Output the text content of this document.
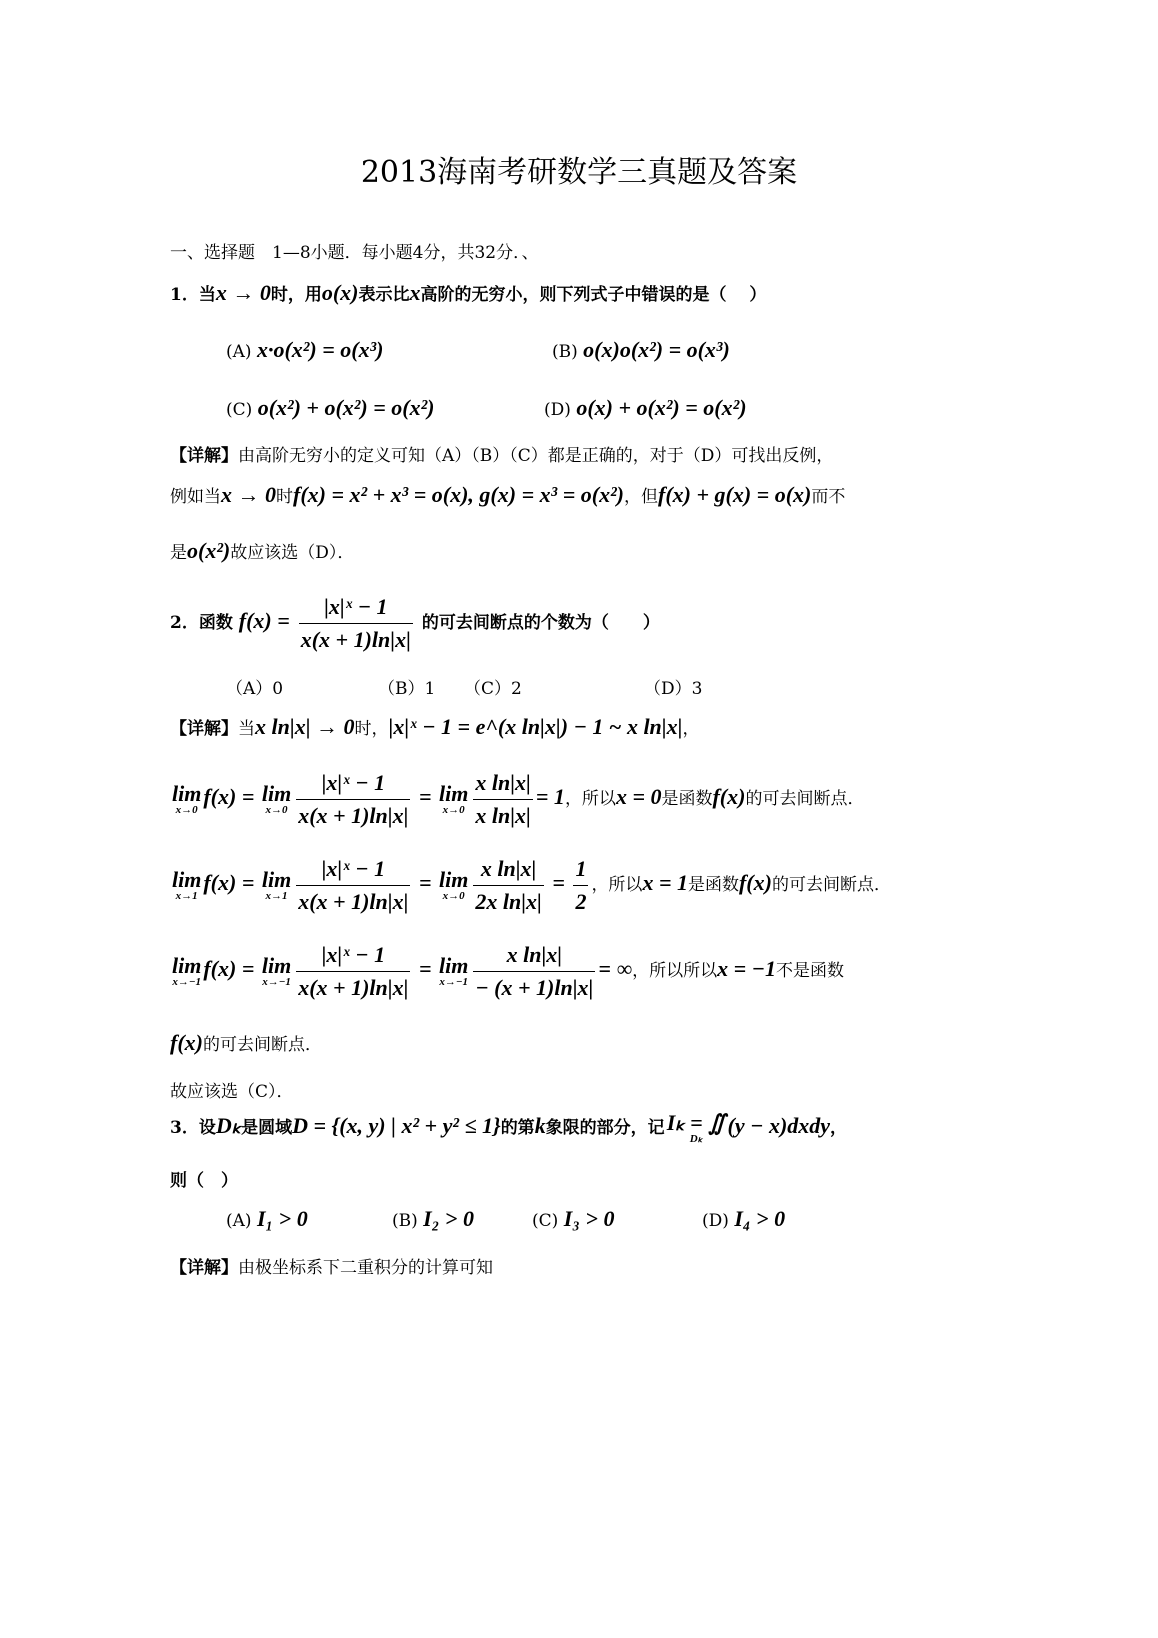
2013海南考研数学三真题及答案
一、选择题　1—8小题．每小题4分，共32分．、
1．当x → 0时，用o(x)表示比x高阶的无穷小，则下列式子中错误的是（　 ）
(A) x·o(x²) = o(x³)	(B) o(x)o(x²) = o(x³)
(C) o(x²) + o(x²) = o(x²)	(D) o(x) + o(x²) = o(x²)
【详解】由高阶无穷小的定义可知（A）（B）（C）都是正确的，对于（D）可找出反例，
例如当x → 0时f(x) = x² + x³ = o(x), g(x) = x³ = o(x²)，但f(x) + g(x) = o(x)而不
是o(x²)故应该选（D）．
2．函数 $f(x) = \frac{\text{|x|ˣ − 1}}{x(x + 1)\ln|x|}$ 的可去间断点的个数为（　　）
（A）0	（B）1 （C）2	（D）3
【详解】当x ln|x| → 0时，|x|ˣ − 1 = e^(x ln|x|) − 1 ~ x ln|x|，
lim
x→0
f(x) = lim
$x\to 0 \frac{\text{|x|ˣ − 1}}{x(x + 1)\ln|x|} = \lim$
$x\to 0 \frac{\text{x ln|x|}}{\text{x ln|x|}} = 1$，所以x = 0是函数f(x)的可去间断点．
lim
x→1
f(x) = lim
$x\to 1 \frac{\text{|x|ˣ − 1}}{x(x + 1)\ln|x|} = \lim$
$x\to 0 \frac{\text{x ln|x|}}{\text{2x ln|x|}} = \frac{1}{2}$ ，所以x = 1是函数f(x)的可去间断点．
lim
x→−1
f(x) = lim
$x\to-1 \frac{\text{|x|ˣ − 1}}{x(x + 1)\ln|x|} = \lim$
$x\to-1 \frac{\text{x ln|x|}}{- (x + 1)\ln|x|}$ = ∞，所以所以x = −1不是函数
f(x)的可去间断点．
故应该选（C）．
3．设Dₖ是圆域D = {(x, y) | x² + y² ≤ 1}的第k象限的部分，记Iₖ = ∬
Dₖ
(y − x)dxdy，
则（　）
(A) I₁ > 0	(B) I₂ > 0	(C) I₃ > 0	(D) I₄ > 0
【详解】由极坐标系下二重积分的计算可知
